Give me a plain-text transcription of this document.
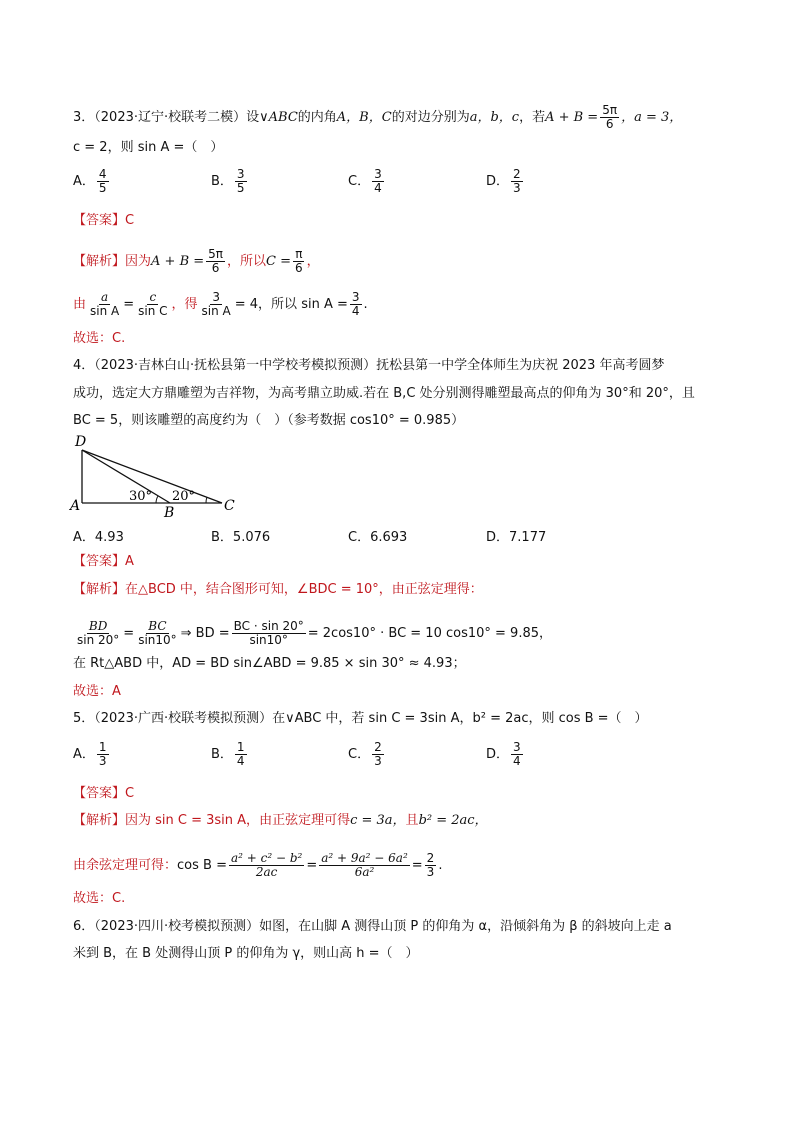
3．（2023·辽宁·校联考二模）设∨ABC的内角A，B，C的对边分别为a，b，c，若$A + B = \frac{5\pi}{6}$ ，a = 3，
c = 2，则 sin A =（　）
A． $\frac{4}{5}$	B． $\frac{3}{5}$	C． $\frac{3}{4}$	D． $\frac{2}{3}$
【答案】C
【解析】因为$A + B = \frac{5\pi}{6}$ ，所以$C = \frac{\pi}{6}$ ，
由 $\frac{a}{\text{sin A}} = \frac{c}{\text{sin C}}$ ，得 $\frac{3}{\text{sin A}} = 4$，所以 $\sin A = \frac{3}{4}$ .
故选：C.
4．（2023·吉林白山·抚松县第一中学校考模拟预测）抚松县第一中学全体师生为庆祝 2023 年高考圆梦
成功，选定大方鼎雕塑为吉祥物，为高考鼎立助威.若在 B,C 处分别测得雕塑最高点的仰角为 30°和 20°，且
BC = 5，则该雕塑的高度约为（　）（参考数据 cos10° = 0.985）
D
A	B	C
30° 20°
A．4.93	B．5.076	C．6.693	D．7.177
【答案】A
【解析】在△BCD 中，结合图形可知，∠BDC = 10°，由正弦定理得：
$\frac{BD}{\sin 20^\circ} = \frac{BC}{\sin 10^\circ}$ ⇒ BD = $\frac{BC \cdot \sin 20^\circ}{\sin 10^\circ} = 2\cos 10^\circ$ · BC = 10 cos10° = 9.85，
在 Rt△ABD 中，AD = BD sin∠ABD = 9.85 × sin 30° ≈ 4.93；
故选：A
5．（2023·广西·校联考模拟预测）在∨ABC 中，若 sin C = 3sin A，b² = 2ac，则 cos B =（　）
A． $\frac{1}{3}$	B． $\frac{1}{4}$	C． $\frac{2}{3}$	D． $\frac{3}{4}$
【答案】C
【解析】因为 sin C = 3sin A，由正弦定理可得c = 3a，且b² = 2ac，
由余弦定理可得：$\cos B = \frac{\text{a² + c² − b²}}{2ac} = \frac{\text{a² + 9a² − 6a²}}{\text{6a²}} = \frac{2}{3}$ .
故选：C.
6．（2023·四川·校考模拟预测）如图，在山脚 A 测得山顶 P 的仰角为 α，沿倾斜角为 β 的斜坡向上走 a
米到 B，在 B 处测得山顶 P 的仰角为 γ，则山高 h =（　）
